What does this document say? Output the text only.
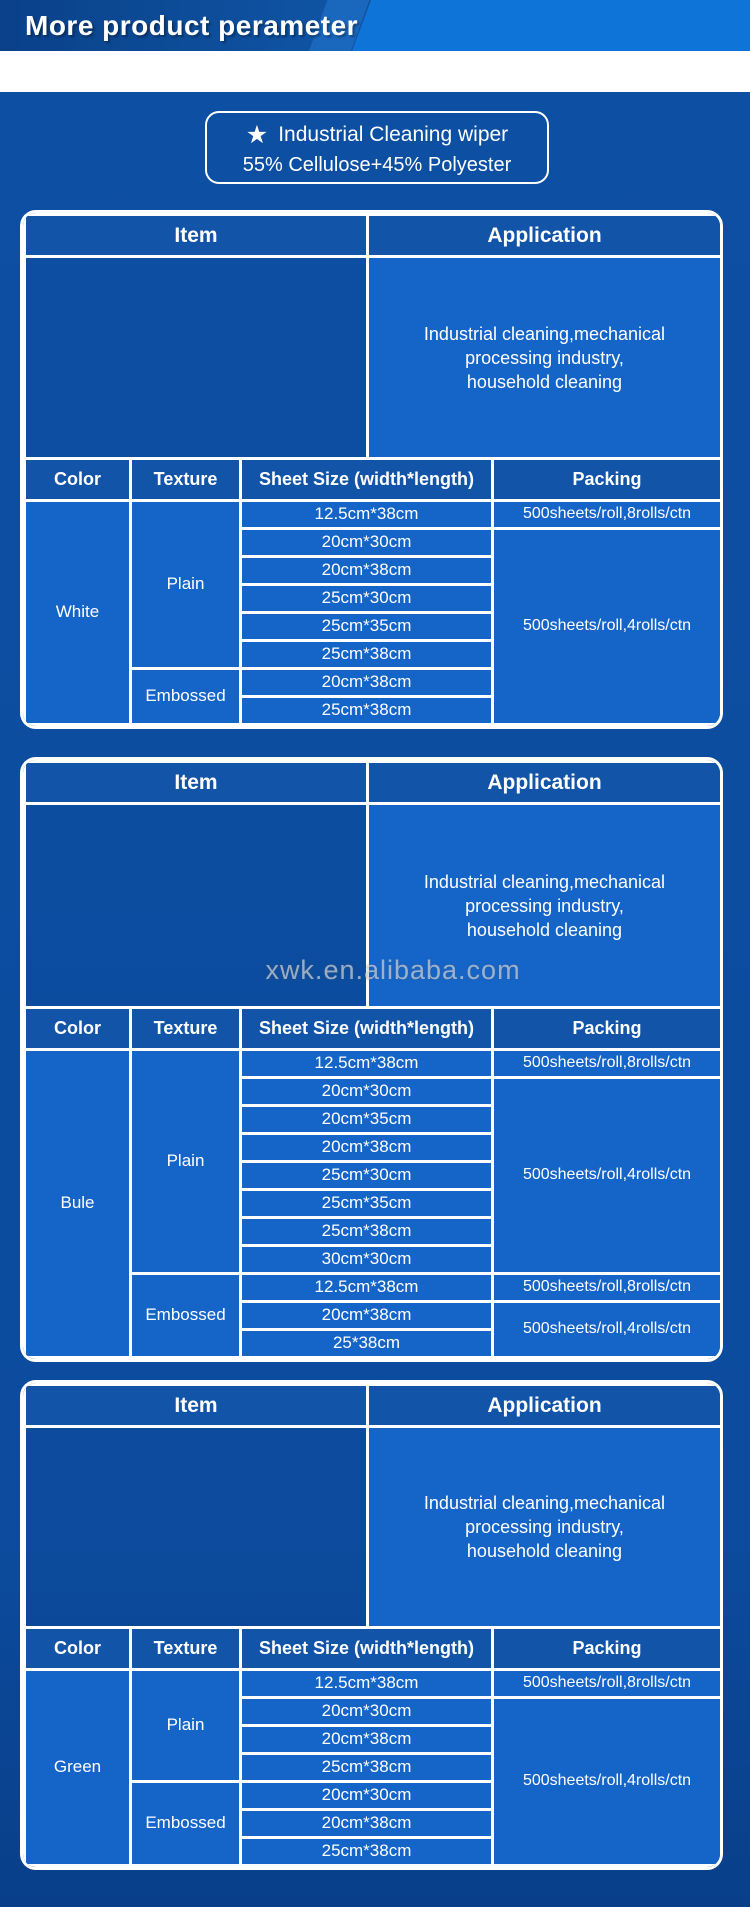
More product perameter
★ Industrial Cleaning wiper
55% Cellulose+45% Polyester
Item	Application

	Industrial cleaning,mechanical
processing industry,
household cleaning
Color	Texture	Sheet Size (width*length)	Packing
White	Plain	12.5cm*38cm	500sheets/roll,8rolls/ctn
		20cm*30cm	500sheets/roll,4rolls/ctn
		20cm*38cm	
		25cm*30cm	
		25cm*35cm	
		25cm*38cm	
	Embossed	20cm*38cm	
		25cm*38cm	
xwk.en.alibaba.com
Item	Application

	Industrial cleaning,mechanical
processing industry,
household cleaning
Color	Texture	Sheet Size (width*length)	Packing
Bule	Plain	12.5cm*38cm	500sheets/roll,8rolls/ctn
		20cm*30cm	500sheets/roll,4rolls/ctn
		20cm*35cm	
		20cm*38cm	
		25cm*30cm	
		25cm*35cm	
		25cm*38cm	
		30cm*30cm	
	Embossed	12.5cm*38cm	500sheets/roll,8rolls/ctn
		20cm*38cm	500sheets/roll,4rolls/ctn
		25*38cm	
Item	Application

	Industrial cleaning,mechanical
processing industry,
household cleaning
Color	Texture	Sheet Size (width*length)	Packing
Green	Plain	12.5cm*38cm	500sheets/roll,8rolls/ctn
		20cm*30cm	500sheets/roll,4rolls/ctn
		20cm*38cm	
		25cm*38cm	
	Embossed	20cm*30cm	
		20cm*38cm	
		25cm*38cm	
